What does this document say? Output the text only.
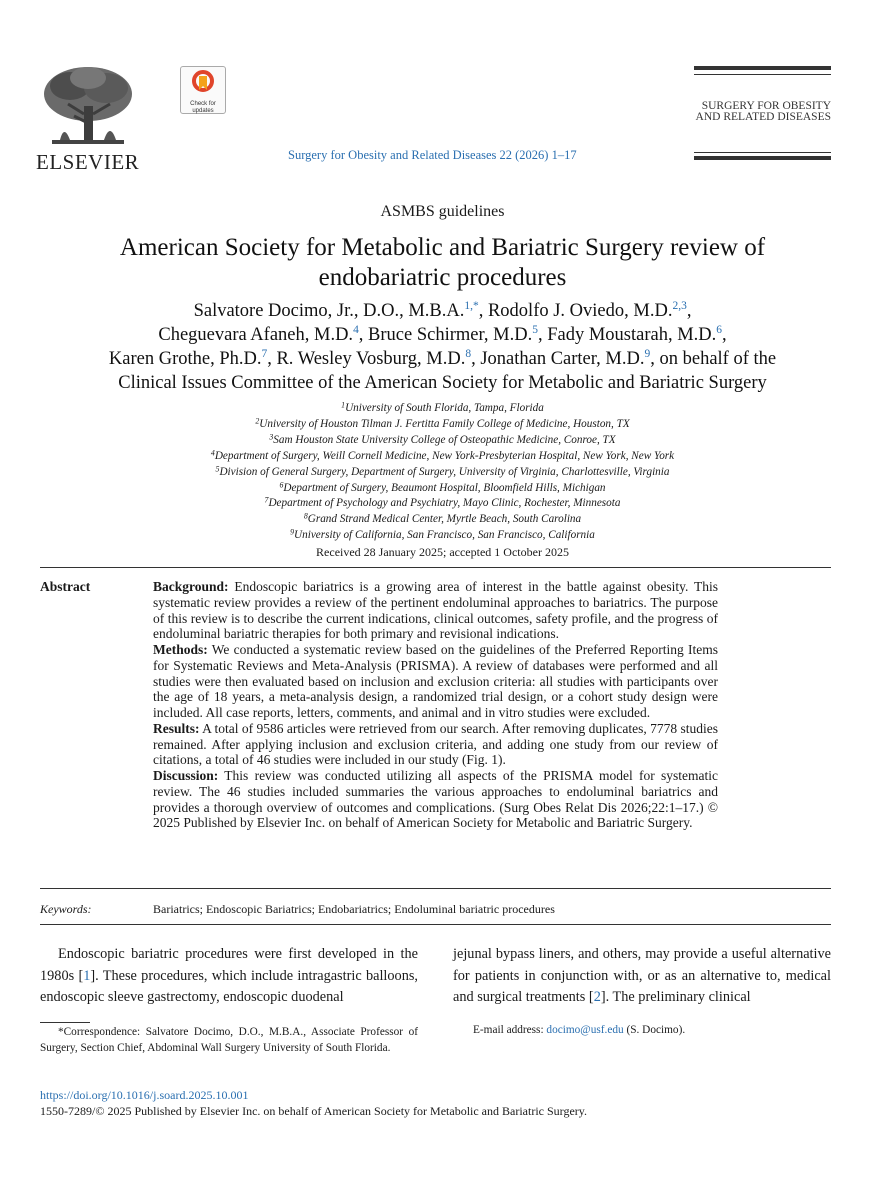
ELSEVIER
Check for updates
Surgery for Obesity and Related Diseases 22 (2026) 1–17
SURGERY FOR OBESITY
AND RELATED DISEASES
ASMBS guidelines
American Society for Metabolic and Bariatric Surgery review of
endobariatric procedures
Salvatore Docimo, Jr., D.O., M.B.A.$^{1,*}$, Rodolfo J. Oviedo, M.D.$^{2,3}$,
Cheguevara Afaneh, M.D.$^4$, Bruce Schirmer, M.D.$^5$, Fady Moustarah, M.D.$^6$,
Karen Grothe, Ph.D.$^7$, R. Wesley Vosburg, M.D.$^8$, Jonathan Carter, M.D.$^9$, on behalf of the
Clinical Issues Committee of the American Society for Metabolic and Bariatric Surgery
$^1$University of South Florida, Tampa, Florida
$^2$University of Houston Tilman J. Fertitta Family College of Medicine, Houston, TX
$^3$Sam Houston State University College of Osteopathic Medicine, Conroe, TX
$^4$Department of Surgery, Weill Cornell Medicine, New York-Presbyterian Hospital, New York, New York
$^5$Division of General Surgery, Department of Surgery, University of Virginia, Charlottesville, Virginia
$^6$Department of Surgery, Beaumont Hospital, Bloomfield Hills, Michigan
$^7$Department of Psychology and Psychiatry, Mayo Clinic, Rochester, Minnesota
$^8$Grand Strand Medical Center, Myrtle Beach, South Carolina
$^9$University of California, San Francisco, San Francisco, California
Received 28 January 2025; accepted 1 October 2025
Abstract	Background: Endoscopic bariatrics is a growing area of interest in the battle against obesity. This systematic review provides a review of the pertinent endoluminal approaches to bariatrics. The purpose of this review is to describe the current indications, clinical outcomes, safety profile, and the progress of endoluminal bariatric therapies for both primary and revisional indications.

Methods: We conducted a systematic review based on the guidelines of the Preferred Reporting Items for Systematic Reviews and Meta-Analysis (PRISMA). A review of databases were performed and all studies were then evaluated based on inclusion and exclusion criteria: all studies with participants over the age of 18 years, a meta-analysis design, a randomized trial design, or a cohort study design were included. All case reports, letters, comments, and animal and in vitro studies were excluded.

Results: A total of 9586 articles were retrieved from our search. After removing duplicates, 7778 studies remained. After applying inclusion and exclusion criteria, and adding one study from our review of citations, a total of 46 studies were included in our study (Fig. 1).

Discussion: This review was conducted utilizing all aspects of the PRISMA model for systematic review. The 46 studies included summaries the various approaches to endoluminal bariatrics and provides a thorough overview of outcomes and complications. (Surg Obes Relat Dis 2026;22:1–17.) © 2025 Published by Elsevier Inc. on behalf of American Society for Metabolic and Bariatric Surgery.

Keywords:	Bariatrics; Endoscopic Bariatrics; Endobariatrics; Endoluminal bariatric procedures
Endoscopic bariatric procedures were first developed in the 1980s [1]. These procedures, which include intragastric balloons, endoscopic sleeve gastrectomy, endoscopic duodenal
jejunal bypass liners, and others, may provide a useful alternative for patients in conjunction with, or as an alternative to, medical and surgical treatments [2]. The preliminary clinical
*Correspondence: Salvatore Docimo, D.O., M.B.A., Associate Professor of Surgery, Section Chief, Abdominal Wall Surgery University of South Florida.
E-mail address: docimo@usf.edu (S. Docimo).
https://doi.org/10.1016/j.soard.2025.10.001
1550-7289/© 2025 Published by Elsevier Inc. on behalf of American Society for Metabolic and Bariatric Surgery.
